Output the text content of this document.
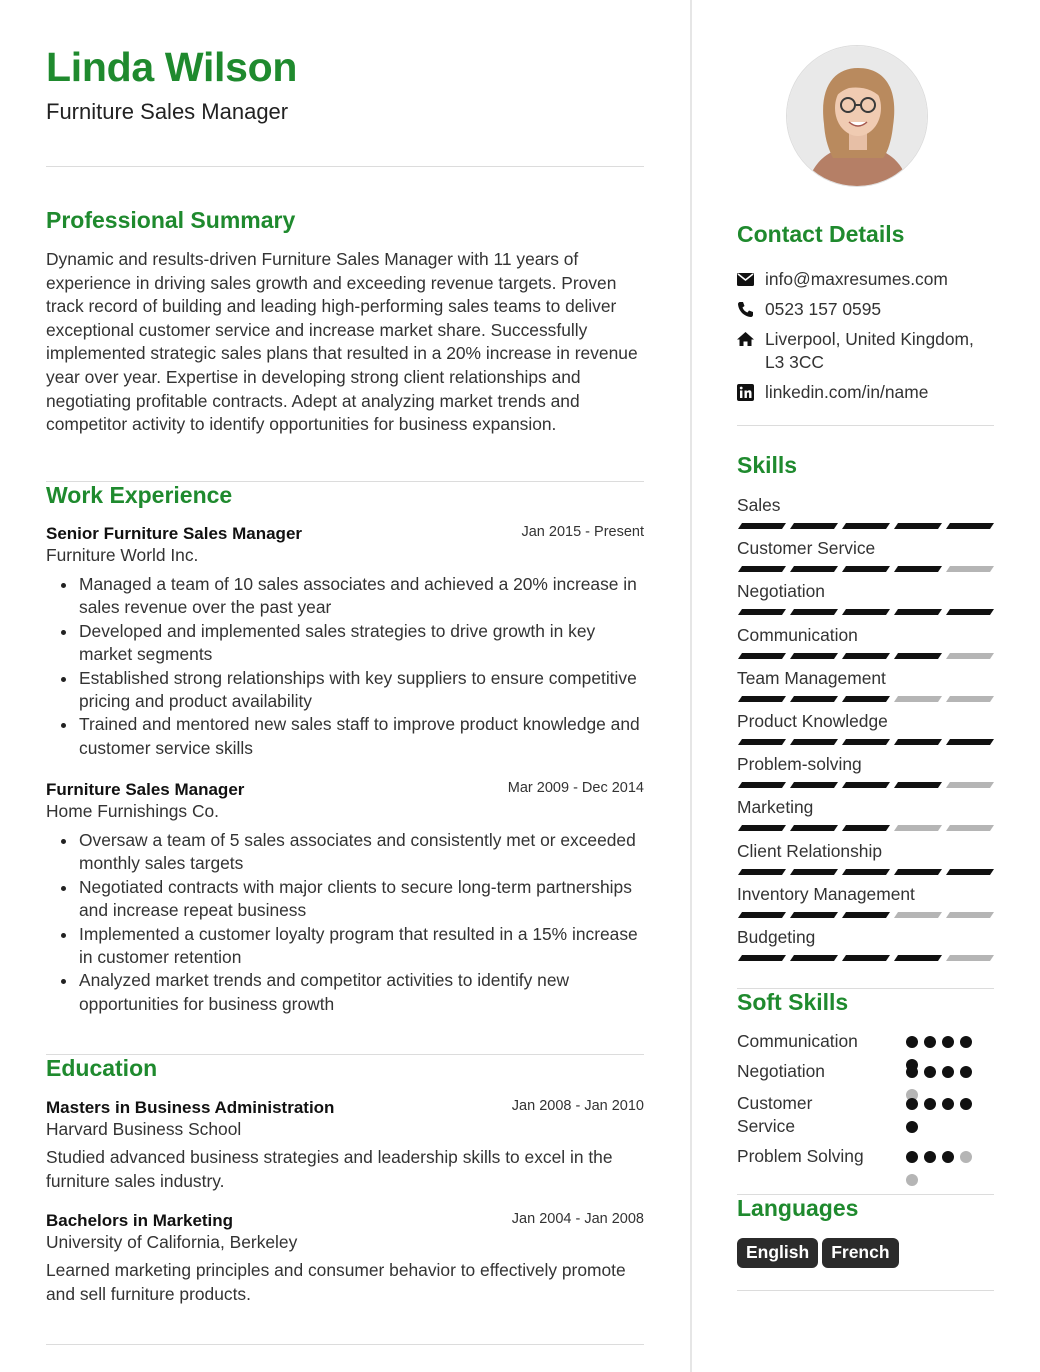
Linda Wilson
Furniture Sales Manager
Professional Summary
Dynamic and results-driven Furniture Sales Manager with 11 years of experience in driving sales growth and exceeding revenue targets. Proven track record of building and leading high-performing sales teams to deliver exceptional customer service and increase market share. Successfully implemented strategic sales plans that resulted in a 20% increase in revenue year over year. Expertise in developing strong client relationships and negotiating profitable contracts. Adept at analyzing market trends and competitor activity to identify opportunities for business expansion.
Work Experience
Senior Furniture Sales Manager	Jan 2015 - Present
Furniture World Inc.
Managed a team of 10 sales associates and achieved a 20% increase in sales revenue over the past year
Developed and implemented sales strategies to drive growth in key market segments
Established strong relationships with key suppliers to ensure competitive pricing and product availability
Trained and mentored new sales staff to improve product knowledge and customer service skills
Furniture Sales Manager	Mar 2009 - Dec 2014
Home Furnishings Co.
Oversaw a team of 5 sales associates and consistently met or exceeded monthly sales targets
Negotiated contracts with major clients to secure long-term partnerships and increase repeat business
Implemented a customer loyalty program that resulted in a 15% increase in customer retention
Analyzed market trends and competitor activities to identify new opportunities for business growth
Education
Masters in Business Administration	Jan 2008 - Jan 2010
Harvard Business School
Studied advanced business strategies and leadership skills to excel in the furniture sales industry.
Bachelors in Marketing	Jan 2004 - Jan 2008
University of California, Berkeley
Learned marketing principles and consumer behavior to effectively promote and sell furniture products.
Contact Details
info@maxresumes.com
0523 157 0595
Liverpool, United Kingdom, L3 3CC
linkedin.com/in/name
Skills
Sales
Customer Service
Negotiation
Communication
Team Management
Product Knowledge
Problem-solving
Marketing
Client Relationship
Inventory Management
Budgeting
Soft Skills
Communication
Negotiation
Customer Service
Problem Solving
Languages
English French
